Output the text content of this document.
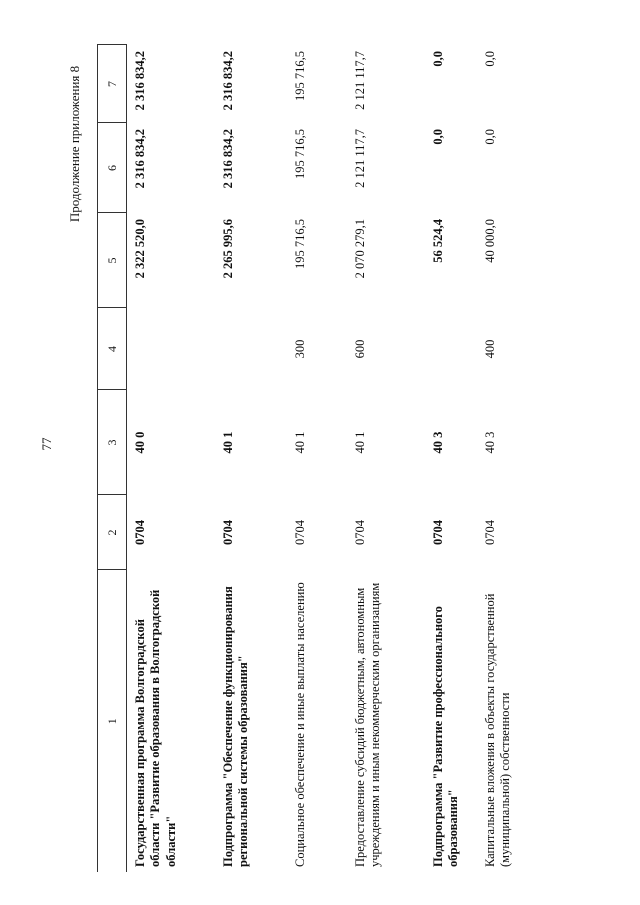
77
Продолжение приложения 8
1	2	3	4	5	6	7
Государственная программа Волгоградской области "Развитие образования в Волгоградской области"	0704	40 0		2 322 520,0	2 316 834,2	2 316 834,2
Подпрограмма "Обеспечение функционирования региональной системы образования"	0704	40 1		2 265 995,6	2 316 834,2	2 316 834,2
Социальное обеспечение и иные выплаты населению	0704	40 1	300	195 716,5	195 716,5	195 716,5
Предоставление субсидий бюджетным, автономным учреждениям и иным некоммерческим организациям	0704	40 1	600	2 070 279,1	2 121 117,7	2 121 117,7
Подпрограмма "Развитие профессионального образования"	0704	40 3		56 524,4	0,0	0,0
Капитальные вложения в объекты государственной (муниципальной) собственности	0704	40 3	400	40 000,0	0,0	0,0
